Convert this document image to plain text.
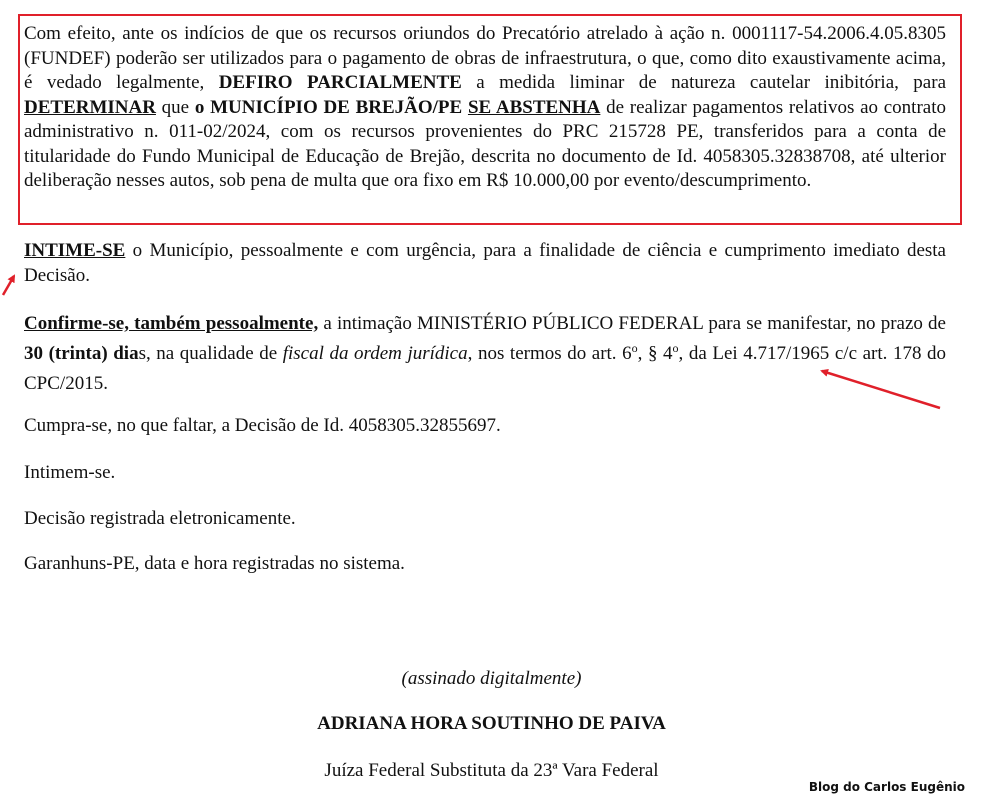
Com efeito, ante os indícios de que os recursos oriundos do Precatório atrelado à ação n. 0001117-54.2006.4.05.8305 (FUNDEF) poderão ser utilizados para o pagamento de obras de infraestrutura, o que, como dito exaustivamente acima, é vedado legalmente, DEFIRO PARCIALMENTE a medida liminar de natureza cautelar inibitória, para DETERMINAR que o MUNICÍPIO DE BREJÃO/PE SE ABSTENHA de realizar pagamentos relativos ao contrato administrativo n. 011-02/2024, com os recursos provenientes do PRC 215728 PE, transferidos para a conta de titularidade do Fundo Municipal de Educação de Brejão, descrita no documento de Id. 4058305.32838708, até ulterior deliberação nesses autos, sob pena de multa que ora fixo em R$ 10.000,00 por evento/descumprimento.

INTIME-SE o Município, pessoalmente e com urgência, para a finalidade de ciência e cumprimento imediato desta Decisão.

Confirme-se, também pessoalmente, a intimação MINISTÉRIO PÚBLICO FEDERAL para se manifestar, no prazo de 30 (trinta) dias, na qualidade de fiscal da ordem jurídica, nos termos do art. 6$^o$, § 4$^o$, da Lei 4.717/1965 c/c art. 178 do CPC/2015.

Cumpra-se, no que faltar, a Decisão de Id. 4058305.32855697.

Intimem-se.

Decisão registrada eletronicamente.

Garanhuns-PE, data e hora registradas no sistema.

(assinado digitalmente)

ADRIANA HORA SOUTINHO DE PAIVA

Juíza Federal Substituta da 23ª Vara Federal

Blog do Carlos Eugênio
